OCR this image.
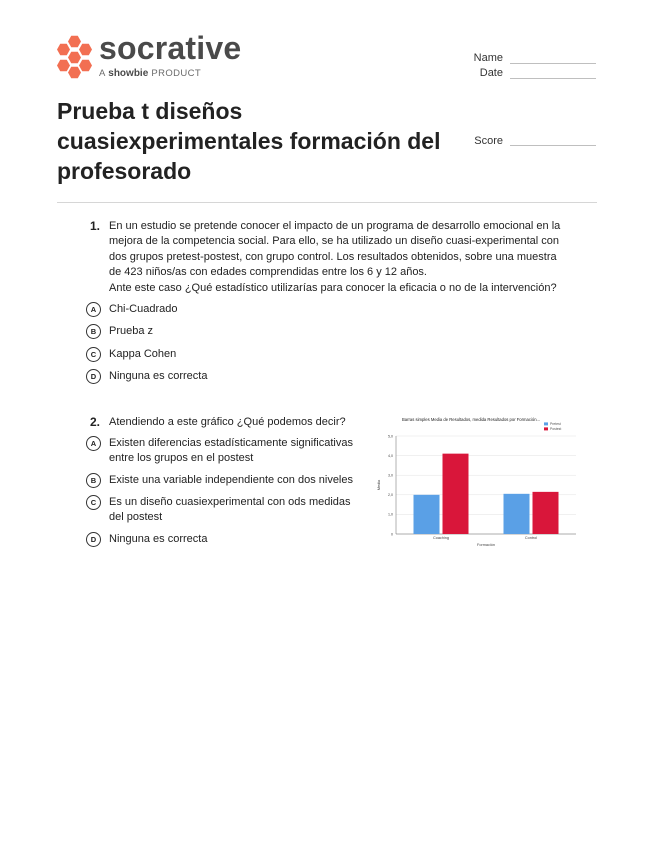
socrative
A showbie PRODUCT
Name
Date
Score
Prueba t diseños cuasiexperimentales formación del profesorado
1. En un estudio se pretende conocer el impacto de un programa de desarrollo emocional en la

mejora de la competencia social. Para ello, se ha utilizado un diseño cuasi-experimental con

dos grupos pretest-postest, con grupo control. Los resultados obtenidos, sobre una muestra

de 423 niños/as con edades comprendidas entre los 6 y 12 años.

Ante este caso ¿Qué estadístico utilizarías para conocer la eficacia o no de la intervención?

A	Chi-Cuadrado
B	Prueba z
C	Kappa Cohen
D	Ninguna es correcta
2. Atendiendo a este gráfico ¿Qué podemos decir?
A	Existen diferencias estadísticamente significativas entre los grupos en el postest
B	Existe una variable independiente con dos niveles
C	Es un diseño cuasiexperimental con ods medidas del postest
D	Ninguna es correcta
Barras simples Media de Resultados, medida Resultados por Formación...
0
1,0
2,0
3,0
4,0
5,0
Coaching	Control
Formación
Media
Pretest
Postest
